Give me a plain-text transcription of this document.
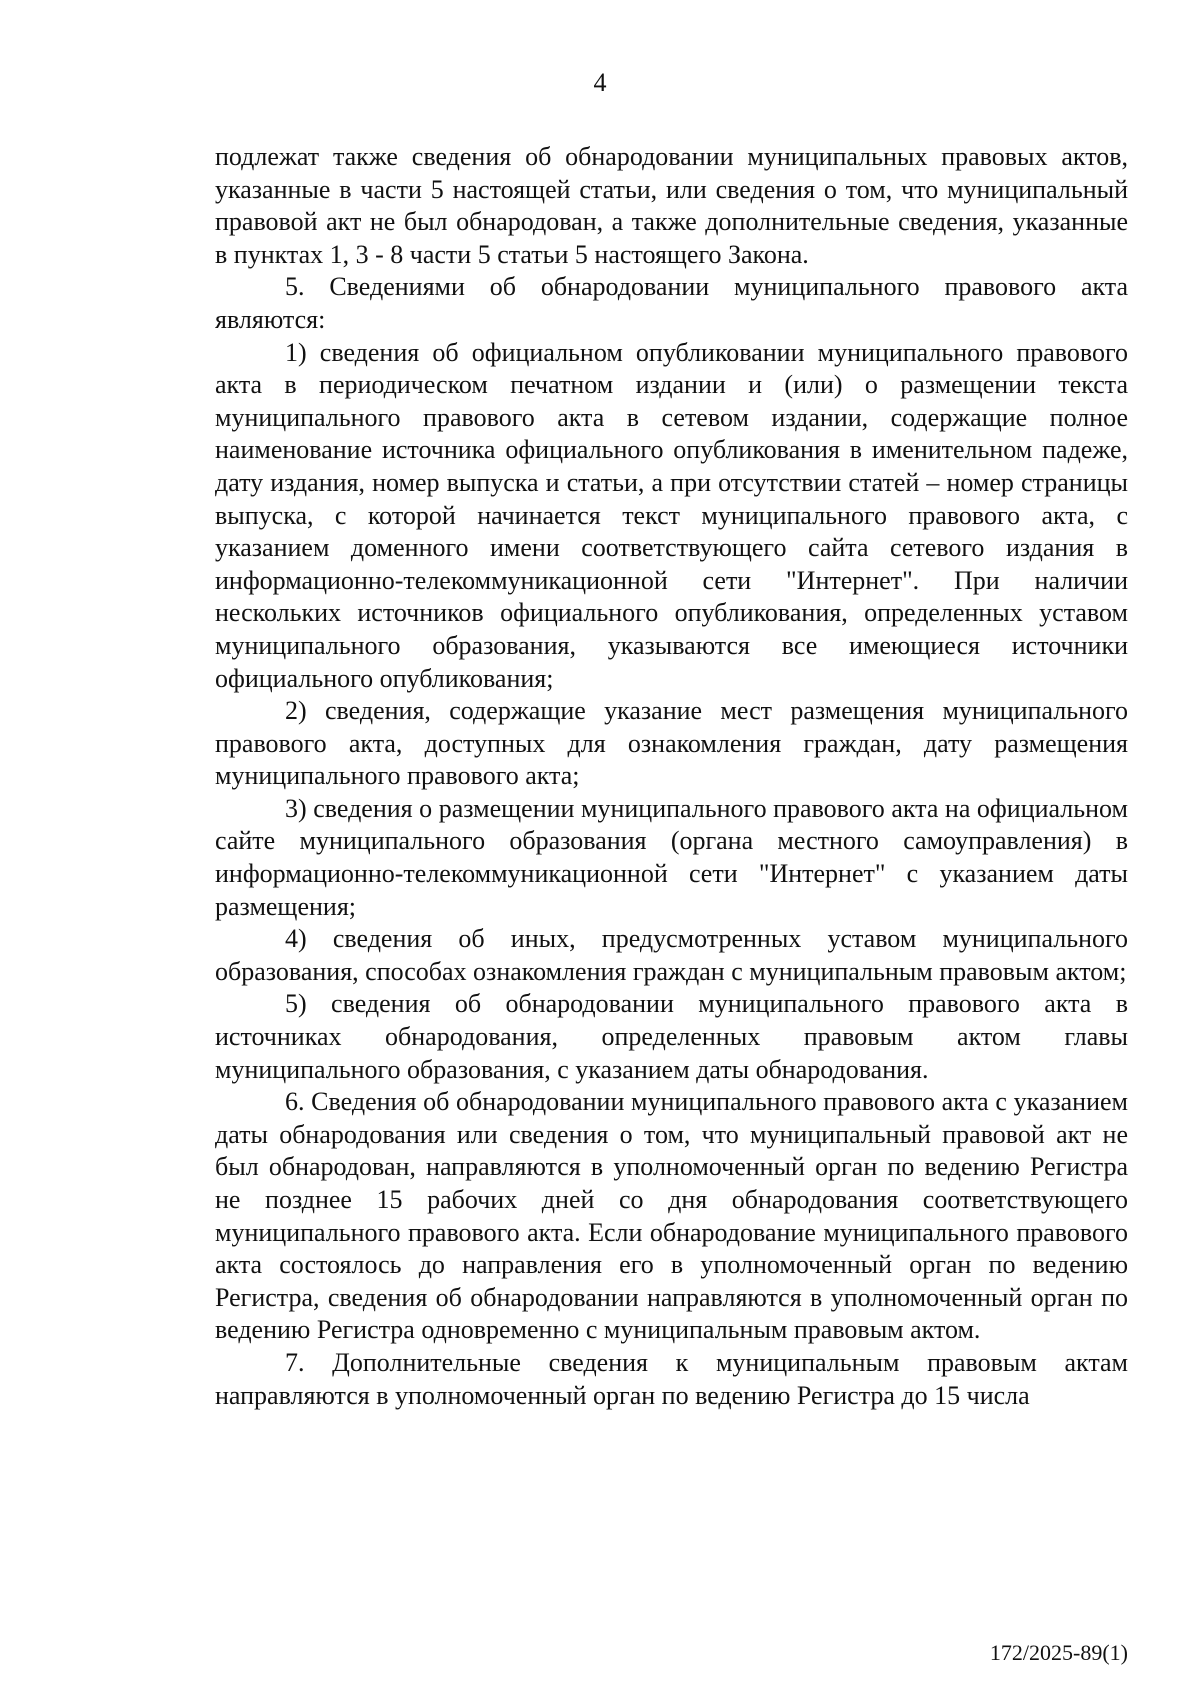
4

подлежат также сведения об обнародовании муниципальных правовых актов, указанные в части 5 настоящей статьи, или сведения о том, что муниципальный правовой акт не был обнародован, а также дополнительные сведения, указанные в пунктах 1, 3 - 8 части 5 статьи 5 настоящего Закона.

5. Сведениями об обнародовании муниципального правового акта являются:

1) сведения об официальном опубликовании муниципального правового акта в периодическом печатном издании и (или) о размещении текста муниципального правового акта в сетевом издании, содержащие полное наименование источника официального опубликования в именительном падеже, дату издания, номер выпуска и статьи, а при отсутствии статей – номер страницы выпуска, с которой начинается текст муниципального правового акта, с указанием доменного имени соответствующего сайта сетевого издания в информационно-телекоммуникационной сети "Интернет". При наличии нескольких источников официального опубликования, определенных уставом муниципального образования, указываются все имеющиеся источники официального опубликования;

2) сведения, содержащие указание мест размещения муниципального правового акта, доступных для ознакомления граждан, дату размещения муниципального правового акта;

3) сведения о размещении муниципального правового акта на официальном сайте муниципального образования (органа местного самоуправления) в информационно-телекоммуникационной сети "Интернет" с указанием даты размещения;

4) сведения об иных, предусмотренных уставом муниципального образования, способах ознакомления граждан с муниципальным правовым актом;

5) сведения об обнародовании муниципального правового акта в источниках обнародования, определенных правовым актом главы муниципального образования, с указанием даты обнародования.

6. Сведения об обнародовании муниципального правового акта с указанием даты обнародования или сведения о том, что муниципальный правовой акт не был обнародован, направляются в уполномоченный орган по ведению Регистра не позднее 15 рабочих дней со дня обнародования соответствующего муниципального правового акта. Если обнародование муниципального правового акта состоялось до направления его в уполномоченный орган по ведению Регистра, сведения об обнародовании направляются в уполномоченный орган по ведению Регистра одновременно с муниципальным правовым актом.

7. Дополнительные сведения к муниципальным правовым актам направляются в уполномоченный орган по ведению Регистра до 15 числа

172/2025-89(1)
